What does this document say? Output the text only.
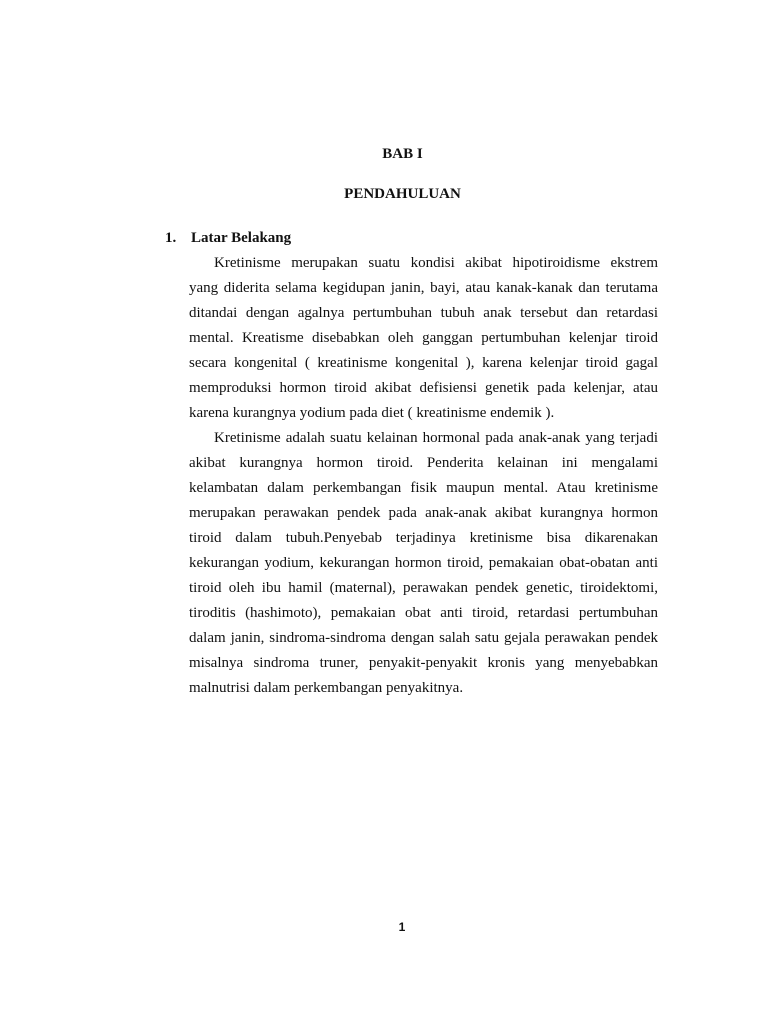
BAB I
PENDAHULUAN
1. Latar Belakang
Kretinisme merupakan suatu kondisi akibat hipotiroidisme ekstrem
yang diderita selama kegidupan janin, bayi, atau kanak-kanak dan terutama
ditandai dengan agalnya pertumbuhan tubuh anak tersebut dan retardasi
mental. Kreatisme disebabkan oleh ganggan pertumbuhan kelenjar tiroid
secara kongenital ( kreatinisme kongenital ), karena kelenjar tiroid gagal
memproduksi hormon tiroid akibat defisiensi genetik pada kelenjar, atau
karena kurangnya yodium pada diet ( kreatinisme endemik ).
Kretinisme adalah suatu kelainan hormonal pada anak-anak yang terjadi
akibat kurangnya hormon tiroid. Penderita kelainan ini mengalami
kelambatan dalam perkembangan fisik maupun mental. Atau kretinisme
merupakan perawakan pendek pada anak-anak akibat kurangnya hormon
tiroid dalam tubuh.Penyebab terjadinya kretinisme bisa dikarenakan
kekurangan yodium, kekurangan hormon tiroid, pemakaian obat-obatan anti
tiroid oleh ibu hamil (maternal), perawakan pendek genetic, tiroidektomi,
tiroditis (hashimoto), pemakaian obat anti tiroid, retardasi pertumbuhan
dalam janin, sindroma-sindroma dengan salah satu gejala perawakan pendek
misalnya sindroma truner, penyakit-penyakit kronis yang menyebabkan
malnutrisi dalam perkembangan penyakitnya.
1
